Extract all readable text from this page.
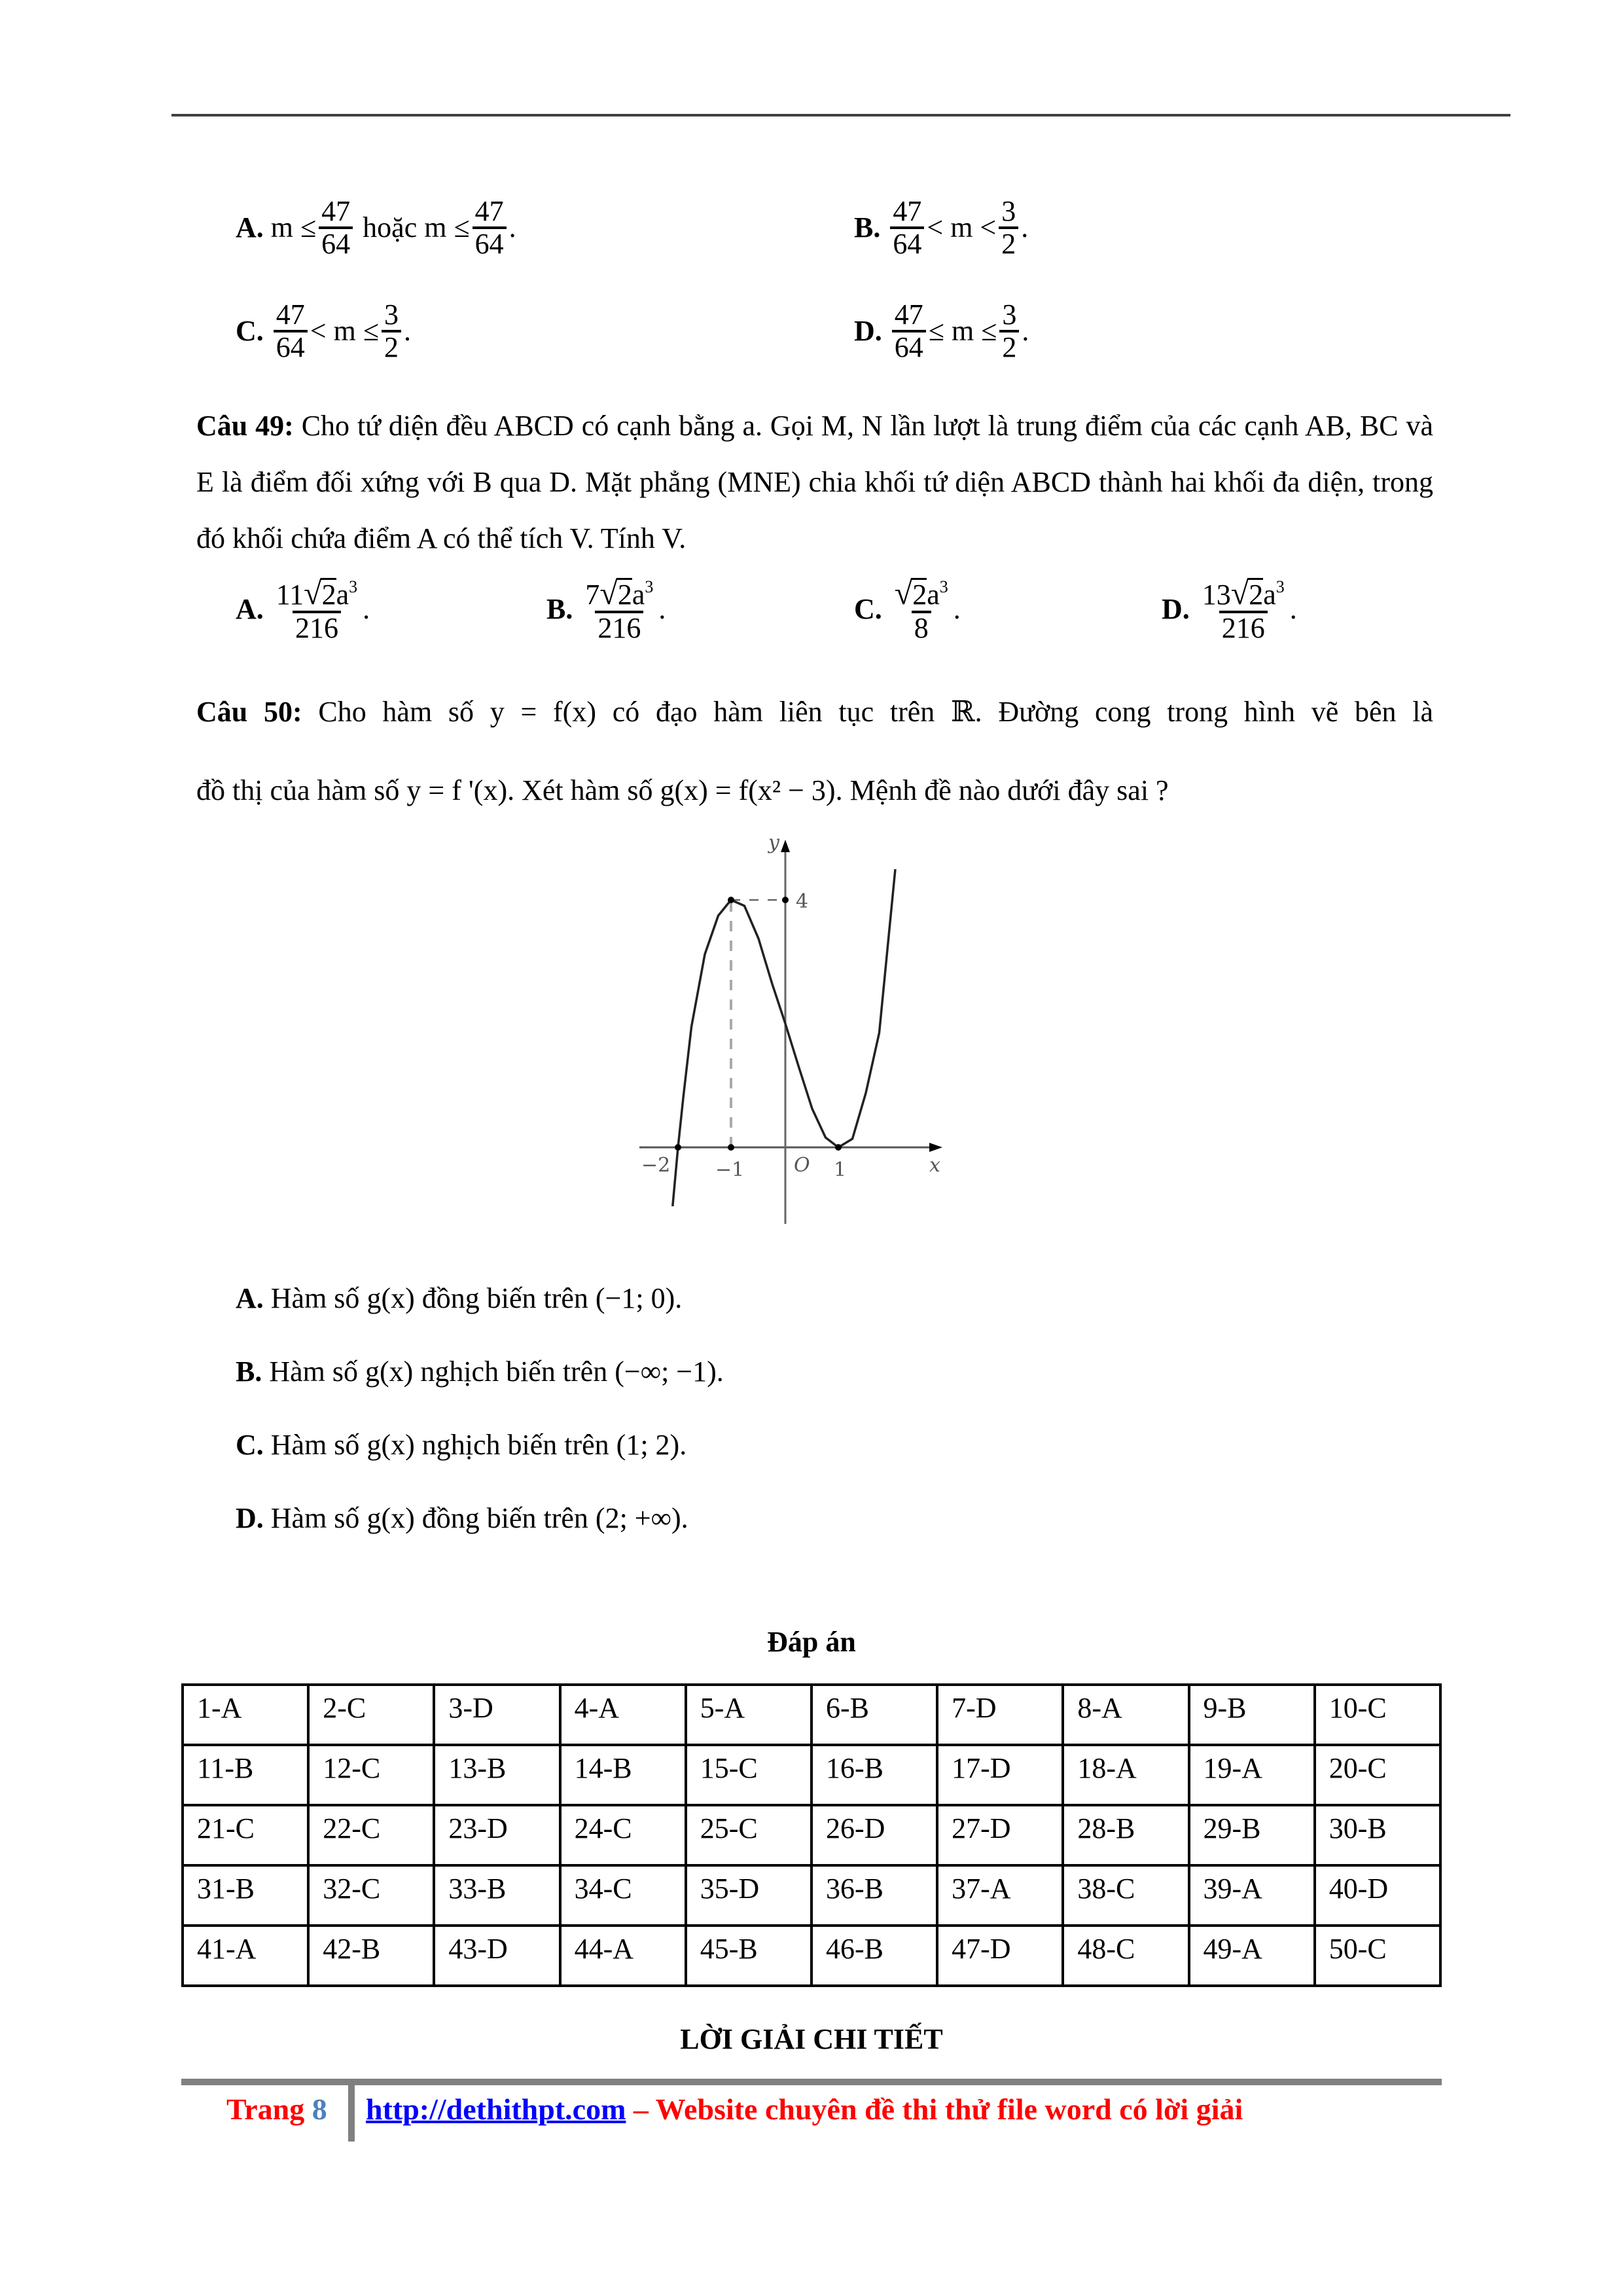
A.
m
≤ $\frac{47}{64}$
hoặc
m
≤ $\frac{47}{64}$ .	B.
$\frac{47}{64}$ <
m
< $\frac{3}{2}$ .
C.
$\frac{47}{64}$ <
m
≤ $\frac{3}{2}$ .	D.
$\frac{47}{64}$ ≤
m
≤ $\frac{3}{2}$ .
Câu 49: Cho tứ diện đều ABCD có cạnh bằng a. Gọi M, N lần lượt là trung điểm của các cạnh AB, BC và E là điểm đối xứng với B qua D. Mặt phẳng (MNE) chia khối tứ diện ABCD thành hai khối đa diện, trong đó khối chứa điểm A có thể tích V. Tính V.
A.
$\frac{11√2a^3}{216}$ .	B.
$\frac{7√2a^3}{216}$ .	C.
$\frac{√2a^3}{8}$ .	D.
$\frac{13√2a^3}{216}$ .
Câu 50: Cho hàm số y = f(x) có đạo hàm liên tục trên ℝ. Đường cong trong hình vẽ bên là
đồ thị của hàm số y = f '(x). Xét hàm số g(x) = f(x² − 3). Mệnh đề nào dưới đây sai ?
y
4
−2 −1	O 1	x
A. Hàm số g(x) đồng biến trên (−1; 0).
B. Hàm số g(x) nghịch biến trên (−∞; −1).
C. Hàm số g(x) nghịch biến trên (1; 2).
D. Hàm số g(x) đồng biến trên (2; +∞).
Đáp án
1-A	2-C	3-D	4-A	5-A	6-B	7-D	8-A	9-B	10-C
11-B	12-C	13-B	14-B	15-C	16-B	17-D	18-A	19-A	20-C
21-C	22-C	23-D	24-C	25-C	26-D	27-D	28-B	29-B	30-B
31-B	32-C	33-B	34-C	35-D	36-B	37-A	38-C	39-A	40-D
41-A	42-B	43-D	44-A	45-B	46-B	47-D	48-C	49-A	50-C
LỜI GIẢI CHI TIẾT
Trang 8 http://dethithpt.com – Website chuyên đề thi thử file word có lời giải
